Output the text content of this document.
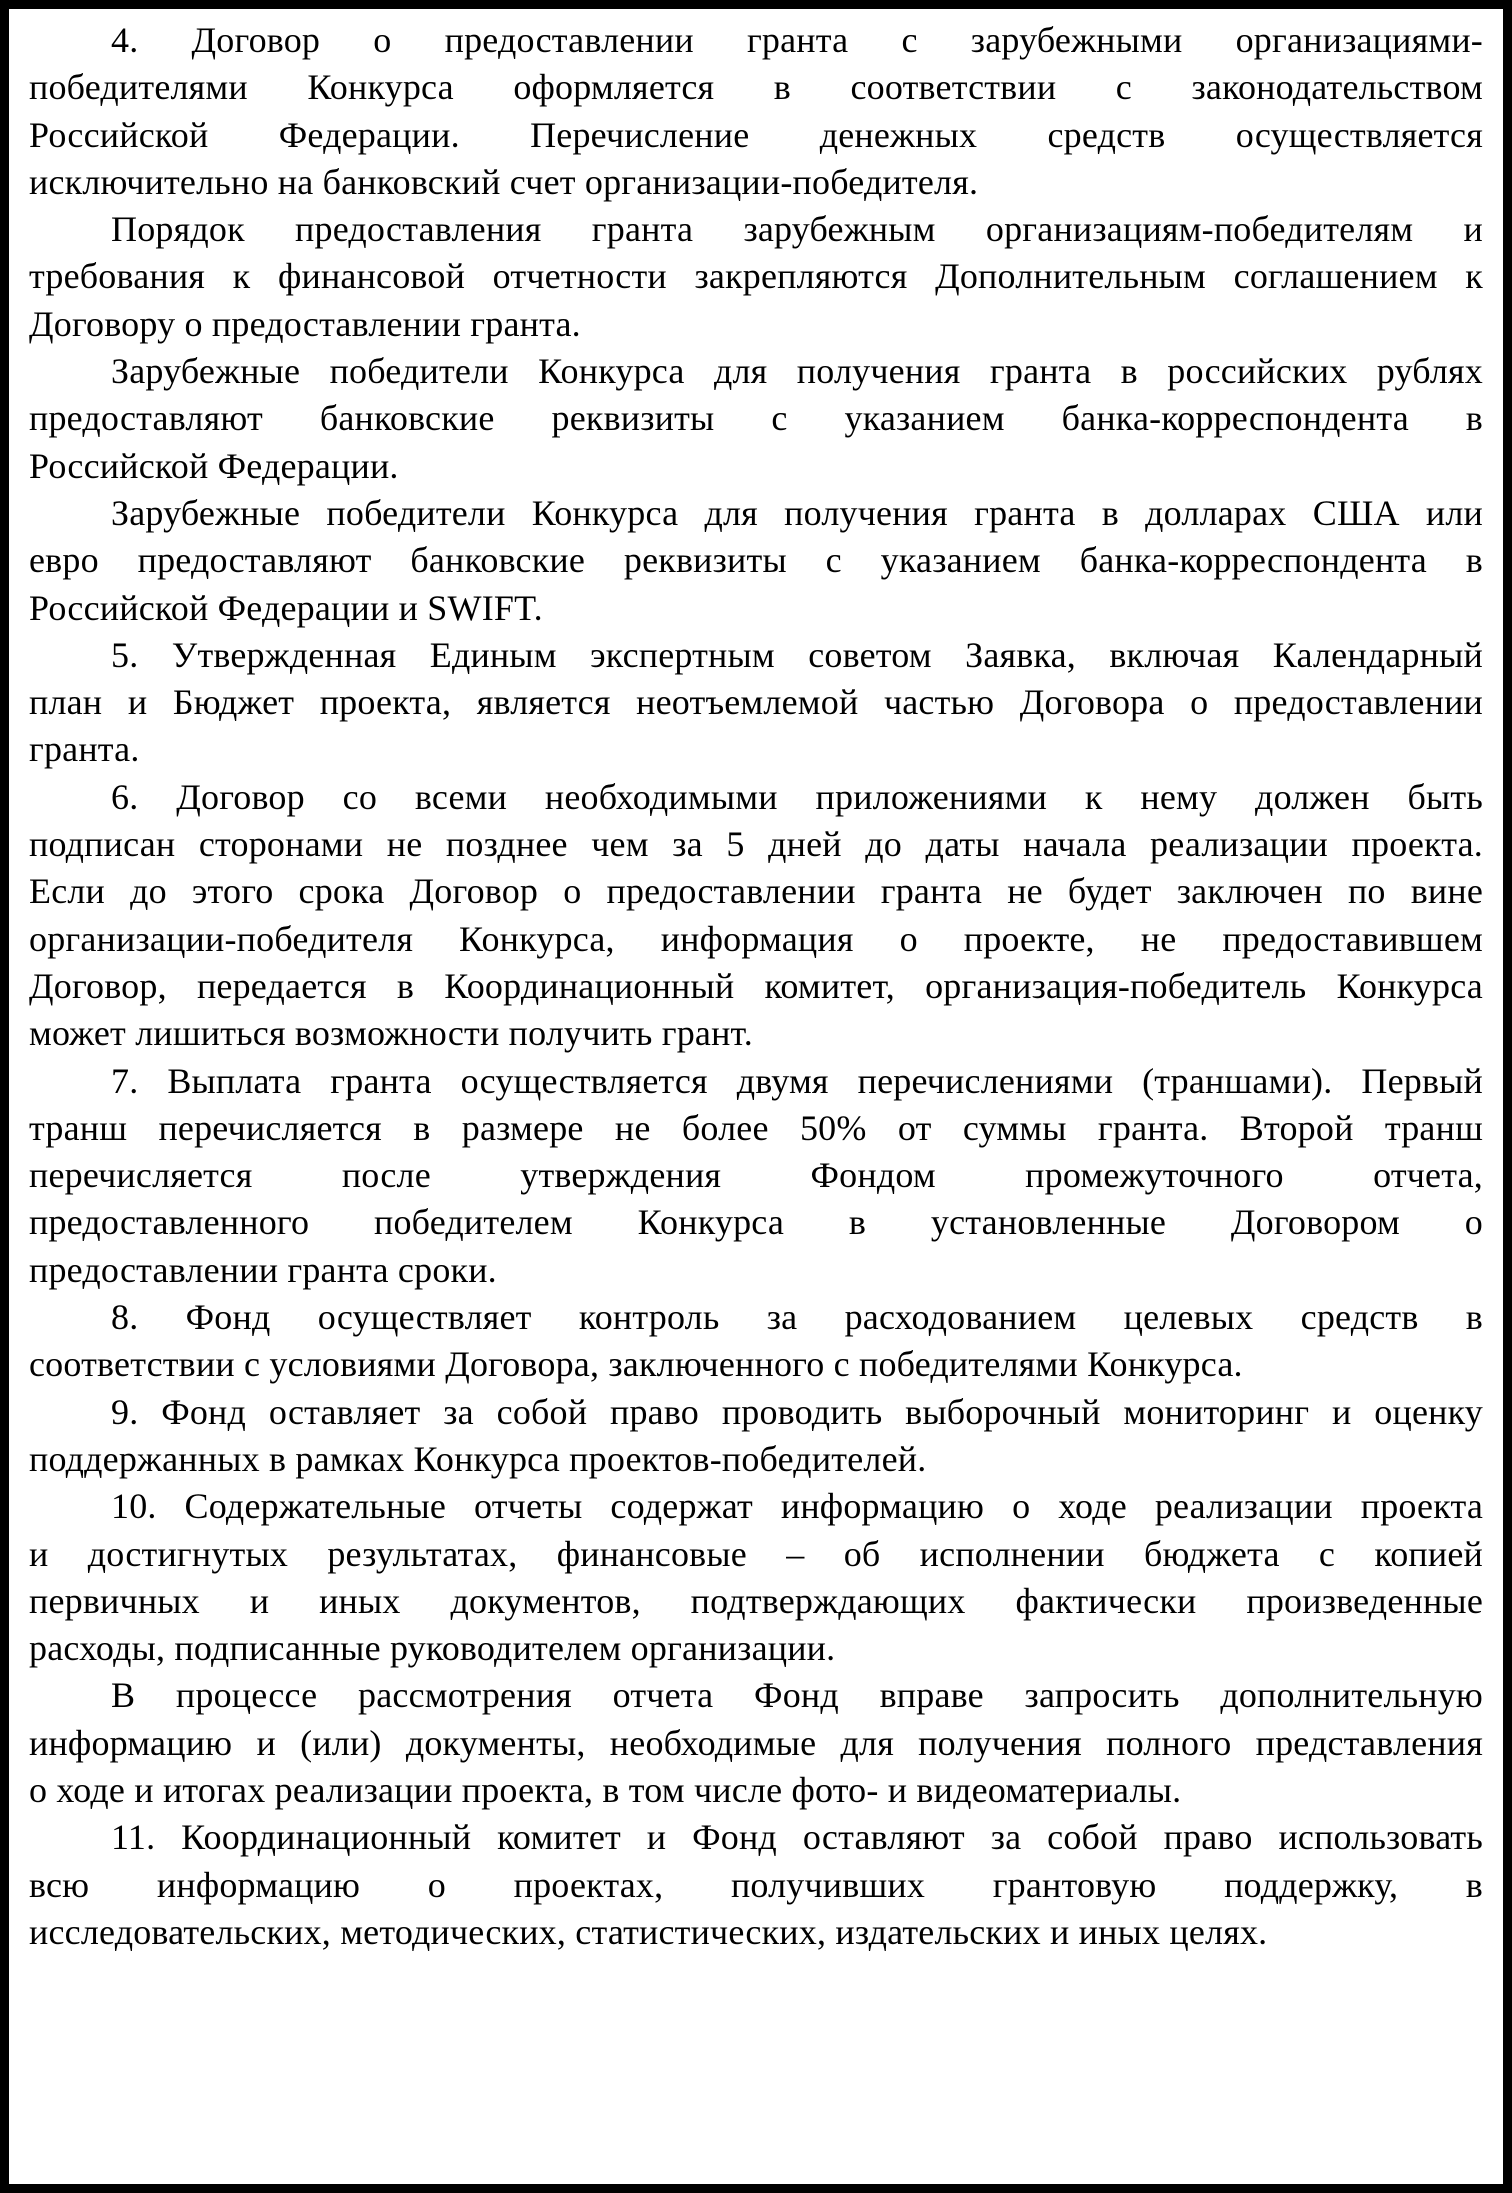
4. Договор о предоставлении гранта с зарубежными организациями-
победителями Конкурса оформляется в соответствии с законодательством
Российской Федерации. Перечисление денежных средств осуществляется
исключительно на банковский счет организации-победителя.
Порядок предоставления гранта зарубежным организациям-победителям и
требования к финансовой отчетности закрепляются Дополнительным соглашением к
Договору о предоставлении гранта.
Зарубежные победители Конкурса для получения гранта в российских рублях
предоставляют банковские реквизиты с указанием банка-корреспондента в
Российской Федерации.
Зарубежные победители Конкурса для получения гранта в долларах США или
евро предоставляют банковские реквизиты с указанием банка-корреспондента в
Российской Федерации и SWIFT.
5. Утвержденная Единым экспертным советом Заявка, включая Календарный
план и Бюджет проекта, является неотъемлемой частью Договора о предоставлении
гранта.
6. Договор со всеми необходимыми приложениями к нему должен быть
подписан сторонами не позднее чем за 5 дней до даты начала реализации проекта.
Если до этого срока Договор о предоставлении гранта не будет заключен по вине
организации-победителя Конкурса, информация о проекте, не предоставившем
Договор, передается в Координационный комитет, организация-победитель Конкурса
может лишиться возможности получить грант.
7. Выплата гранта осуществляется двумя перечислениями (траншами). Первый
транш перечисляется в размере не более 50% от суммы гранта. Второй транш
перечисляется после утверждения Фондом промежуточного отчета,
предоставленного победителем Конкурса в установленные Договором о
предоставлении гранта сроки.
8. Фонд осуществляет контроль за расходованием целевых средств в
соответствии с условиями Договора, заключенного с победителями Конкурса.
9. Фонд оставляет за собой право проводить выборочный мониторинг и оценку
поддержанных в рамках Конкурса проектов-победителей.
10. Содержательные отчеты содержат информацию о ходе реализации проекта
и достигнутых результатах, финансовые – об исполнении бюджета с копией
первичных и иных документов, подтверждающих фактически произведенные
расходы, подписанные руководителем организации.
В процессе рассмотрения отчета Фонд вправе запросить дополнительную
информацию и (или) документы, необходимые для получения полного представления
о ходе и итогах реализации проекта, в том числе фото- и видеоматериалы.
11. Координационный комитет и Фонд оставляют за собой право использовать
всю информацию о проектах, получивших грантовую поддержку, в
исследовательских, методических, статистических, издательских и иных целях.
